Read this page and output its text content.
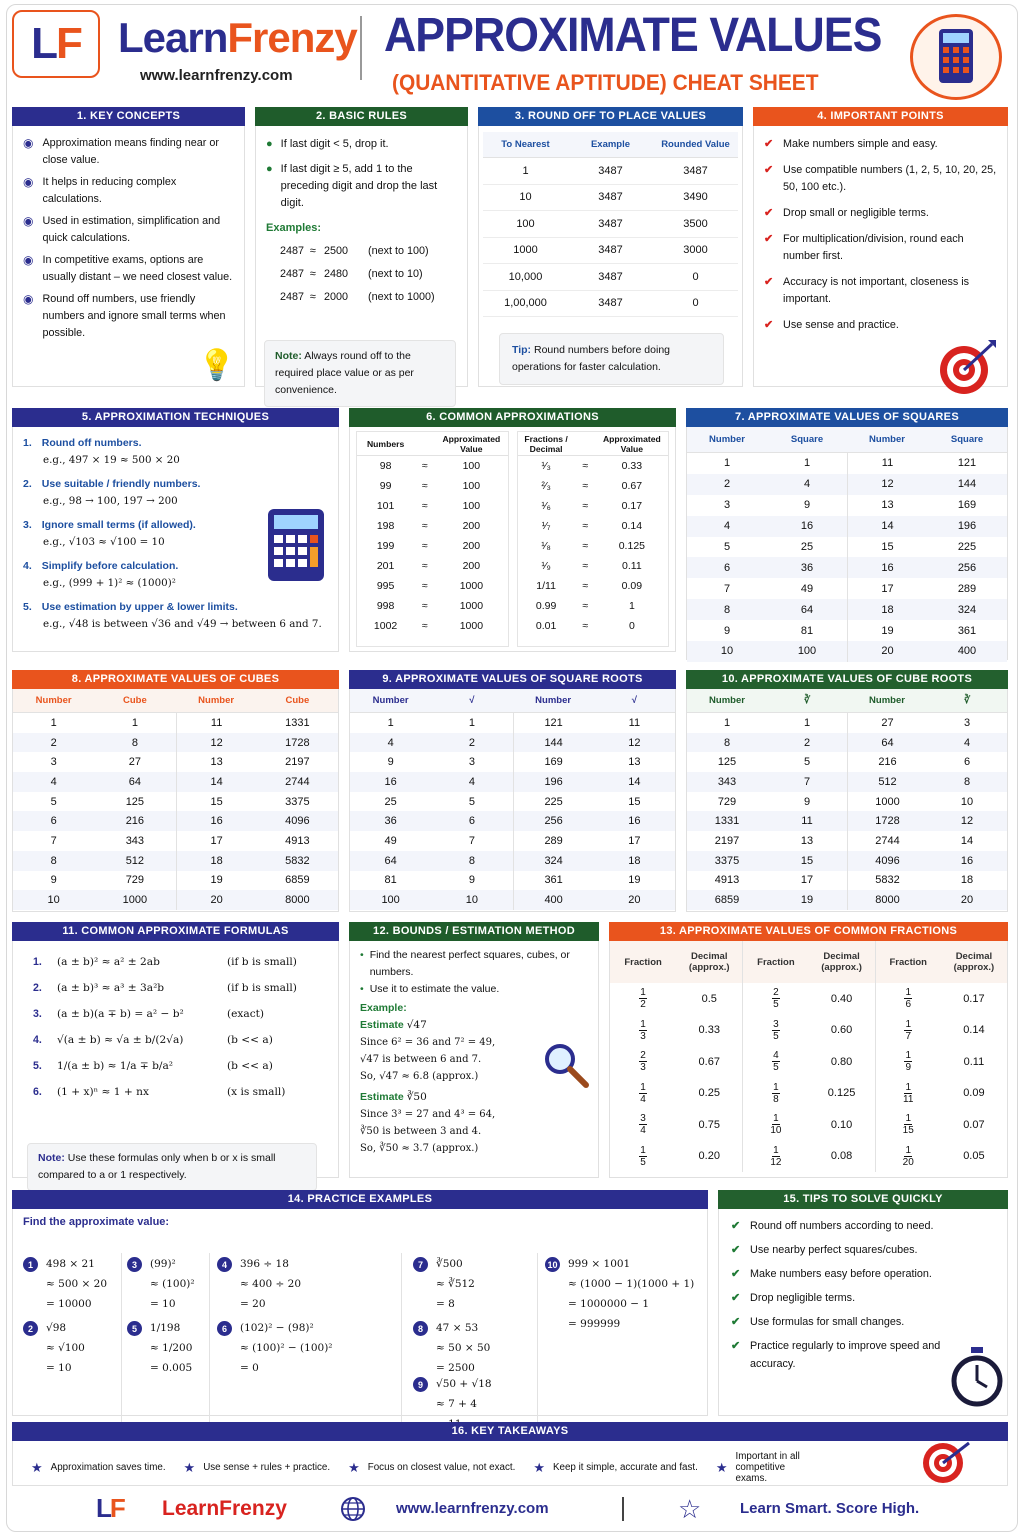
L F LearnFrenzy
www.learnfrenzy.com
APPROXIMATE VALUES
(QUANTITATIVE APTITUDE) CHEAT SHEET
1. KEY CONCEPTS
◉ Approximation means finding near or close value.
◉ It helps in reducing complex calculations.
◉ Used in estimation, simplification and quick calculations.
◉ In competitive exams, options are usually distant – we need closest value.
◉ Round off numbers, use friendly numbers and ignore small terms when possible.
💡
2. BASIC RULES
● If last digit < 5, drop it.
● If last digit ≥ 5, add 1 to the preceding digit and drop the last digit.
Examples:
2487 ≈ 2500	(next to 100)
2487 ≈ 2480	(next to 10)
2487 ≈ 2000	(next to 1000)
Note: Always round off to the required place value or as per convenience.
3. ROUND OFF TO PLACE VALUES
To Nearest	Example	Rounded Value
1	3487	3487
10	3487	3490
100	3487	3500
1000	3487	3000
10,000	3487	0
1,00,000	3487	0
Tip: Round numbers before doing operations for faster calculation.
4. IMPORTANT POINTS
✔ Make numbers simple and easy.
✔ Use compatible numbers (1, 2, 5, 10, 20, 25, 50, 100 etc.).
✔ Drop small or negligible terms.
✔ For multiplication/division, round each number first.
✔ Accuracy is not important, closeness is important.
✔ Use sense and practice.
5. APPROXIMATION TECHNIQUES
1. Round off numbers.
e.g., 497 × 19 ≈ 500 × 20
2. Use suitable / friendly numbers.
e.g., 98 → 100, 197 → 200
3. Ignore small terms (if allowed).
e.g., √103 ≈ √100 = 10
4. Simplify before calculation.
e.g., (999 + 1)² ≈ (1000)²
5. Use estimation by upper & lower limits.
e.g., √48 is between √36 and √49 → between 6 and 7.
6. COMMON APPROXIMATIONS
Numbers	Approximated Value
98	≈	100
99	≈	100
101	≈	100
198	≈	200
199	≈	200
201	≈	200
995	≈	1000
998	≈	1000
1002	≈	1000
Fractions / Decimal
Approximated Value
¹⁄₃	≈	0.33
²⁄₃	≈	0.67
¹⁄₆	≈	0.17
¹⁄₇	≈	0.14
¹⁄₈	≈	0.125
¹⁄₉	≈	0.11
1/11	≈	0.09
0.99	≈	1
0.01	≈	0
7. APPROXIMATE VALUES OF SQUARES
Number	Square	Number	Square
1	1	11	121
2	4	12	144
3	9	13	169
4	16	14	196
5	25	15	225
6	36	16	256
7	49	17	289
8	64	18	324
9	81	19	361
10	100	20	400
8. APPROXIMATE VALUES OF CUBES
Number	Cube	Number	Cube
1	1	11	1331
2	8	12	1728
3	27	13	2197
4	64	14	2744
5	125	15	3375
6	216	16	4096
7	343	17	4913
8	512	18	5832
9	729	19	6859
10	1000	20	8000
9. APPROXIMATE VALUES OF SQUARE ROOTS
Number	√	Number	√
1	1	121	11
4	2	144	12
9	3	169	13
16	4	196	14
25	5	225	15
36	6	256	16
49	7	289	17
64	8	324	18
81	9	361	19
100	10	400	20
10. APPROXIMATE VALUES OF CUBE ROOTS
Number	∛	Number	∛
1	1	27	3
8	2	64	4
125	5	216	6
343	7	512	8
729	9	1000	10
1331	11	1728	12
2197	13	2744	14
3375	15	4096	16
4913	17	5832	18
6859	19	8000	20
11. COMMON APPROXIMATE FORMULAS
1.	(a ± b)² ≈ a² ± 2ab	(if b is small)
2.	(a ± b)³ ≈ a³ ± 3a²b	(if b is small)
3.	(a ± b)(a ∓ b) = a² − b²	(exact)
4.	√(a ± b) ≈ √a ± b/(2√a)	(b << a)
5.	1/(a ± b) ≈ 1/a ∓ b/a²	(b << a)
6.	(1 + x)ⁿ ≈ 1 + nx	(x is small)
Note: Use these formulas only when b or x is small compared to a or 1 respectively.
12. BOUNDS / ESTIMATION METHOD
• Find the nearest perfect squares, cubes, or numbers.
• Use it to estimate the value.
Example:
Estimate √47
Since 6² = 36 and 7² = 49,
√47 is between 6 and 7.
So, √47 ≈ 6.8 (approx.)
Estimate ∛50
Since 3³ = 27 and 4³ = 64,
∛50 is between 3 and 4.
So, ∛50 ≈ 3.7 (approx.)
13. APPROXIMATE VALUES OF COMMON FRACTIONS
Fraction	Decimal (approx.)	Fraction	Decimal (approx.)	Fraction	Decimal (approx.)
$\frac{1}{2}$	0.5	$\frac{2}{5}$	0.40	$\frac{1}{6}$	0.17
$\frac{1}{3}$	0.33	$\frac{3}{5}$	0.60	$\frac{1}{7}$	0.14
$\frac{2}{3}$	0.67	$\frac{4}{5}$	0.80	$\frac{1}{9}$	0.11
$\frac{1}{4}$	0.25	$\frac{1}{8}$	0.125	$\frac{1}{11}$	0.09
$\frac{3}{4}$	0.75	$\frac{1}{10}$	0.10	$\frac{1}{15}$	0.07
$\frac{1}{5}$	0.20	$\frac{1}{12}$	0.08	$\frac{1}{20}$	0.05
14. PRACTICE EXAMPLES
Find the approximate value:
1	498 × 21
≈ 500 × 20
= 10000
2	√98
≈ √100
= 10
3	(99)²
≈ (100)²
= 10
5	1/198
≈ 1/200
= 0.005
4	396 ÷ 18
≈ 400 ÷ 20
= 20
6	(102)² − (98)²
≈ (100)² − (100)²
= 0
7	∛500
≈ ∛512
= 8
8	47 × 53
≈ 50 × 50
= 2500
9	√50 + √18
≈ 7 + 4
10 999 × 1001
≈ (1000 − 1)(1000 + 1)
= 1000000 − 1
= 999999
15. TIPS TO SOLVE QUICKLY
✔ Round off numbers according to need.
✔ Use nearby perfect squares/cubes.
✔ Make numbers easy before operation.
✔ Drop negligible terms.
✔ Use formulas for small changes.
✔ Practice regularly to improve speed and accuracy.
16. KEY TAKEAWAYS
★ Approximation saves time. ★ Use sense + rules + practice. ★ Focus on closest value, not exact. ★ Keep it simple, accurate and fast. ★
Important in all competitive exams.
LF LearnFrenzy	www.learnfrenzy.com	☆	Learn Smart. Score High.
